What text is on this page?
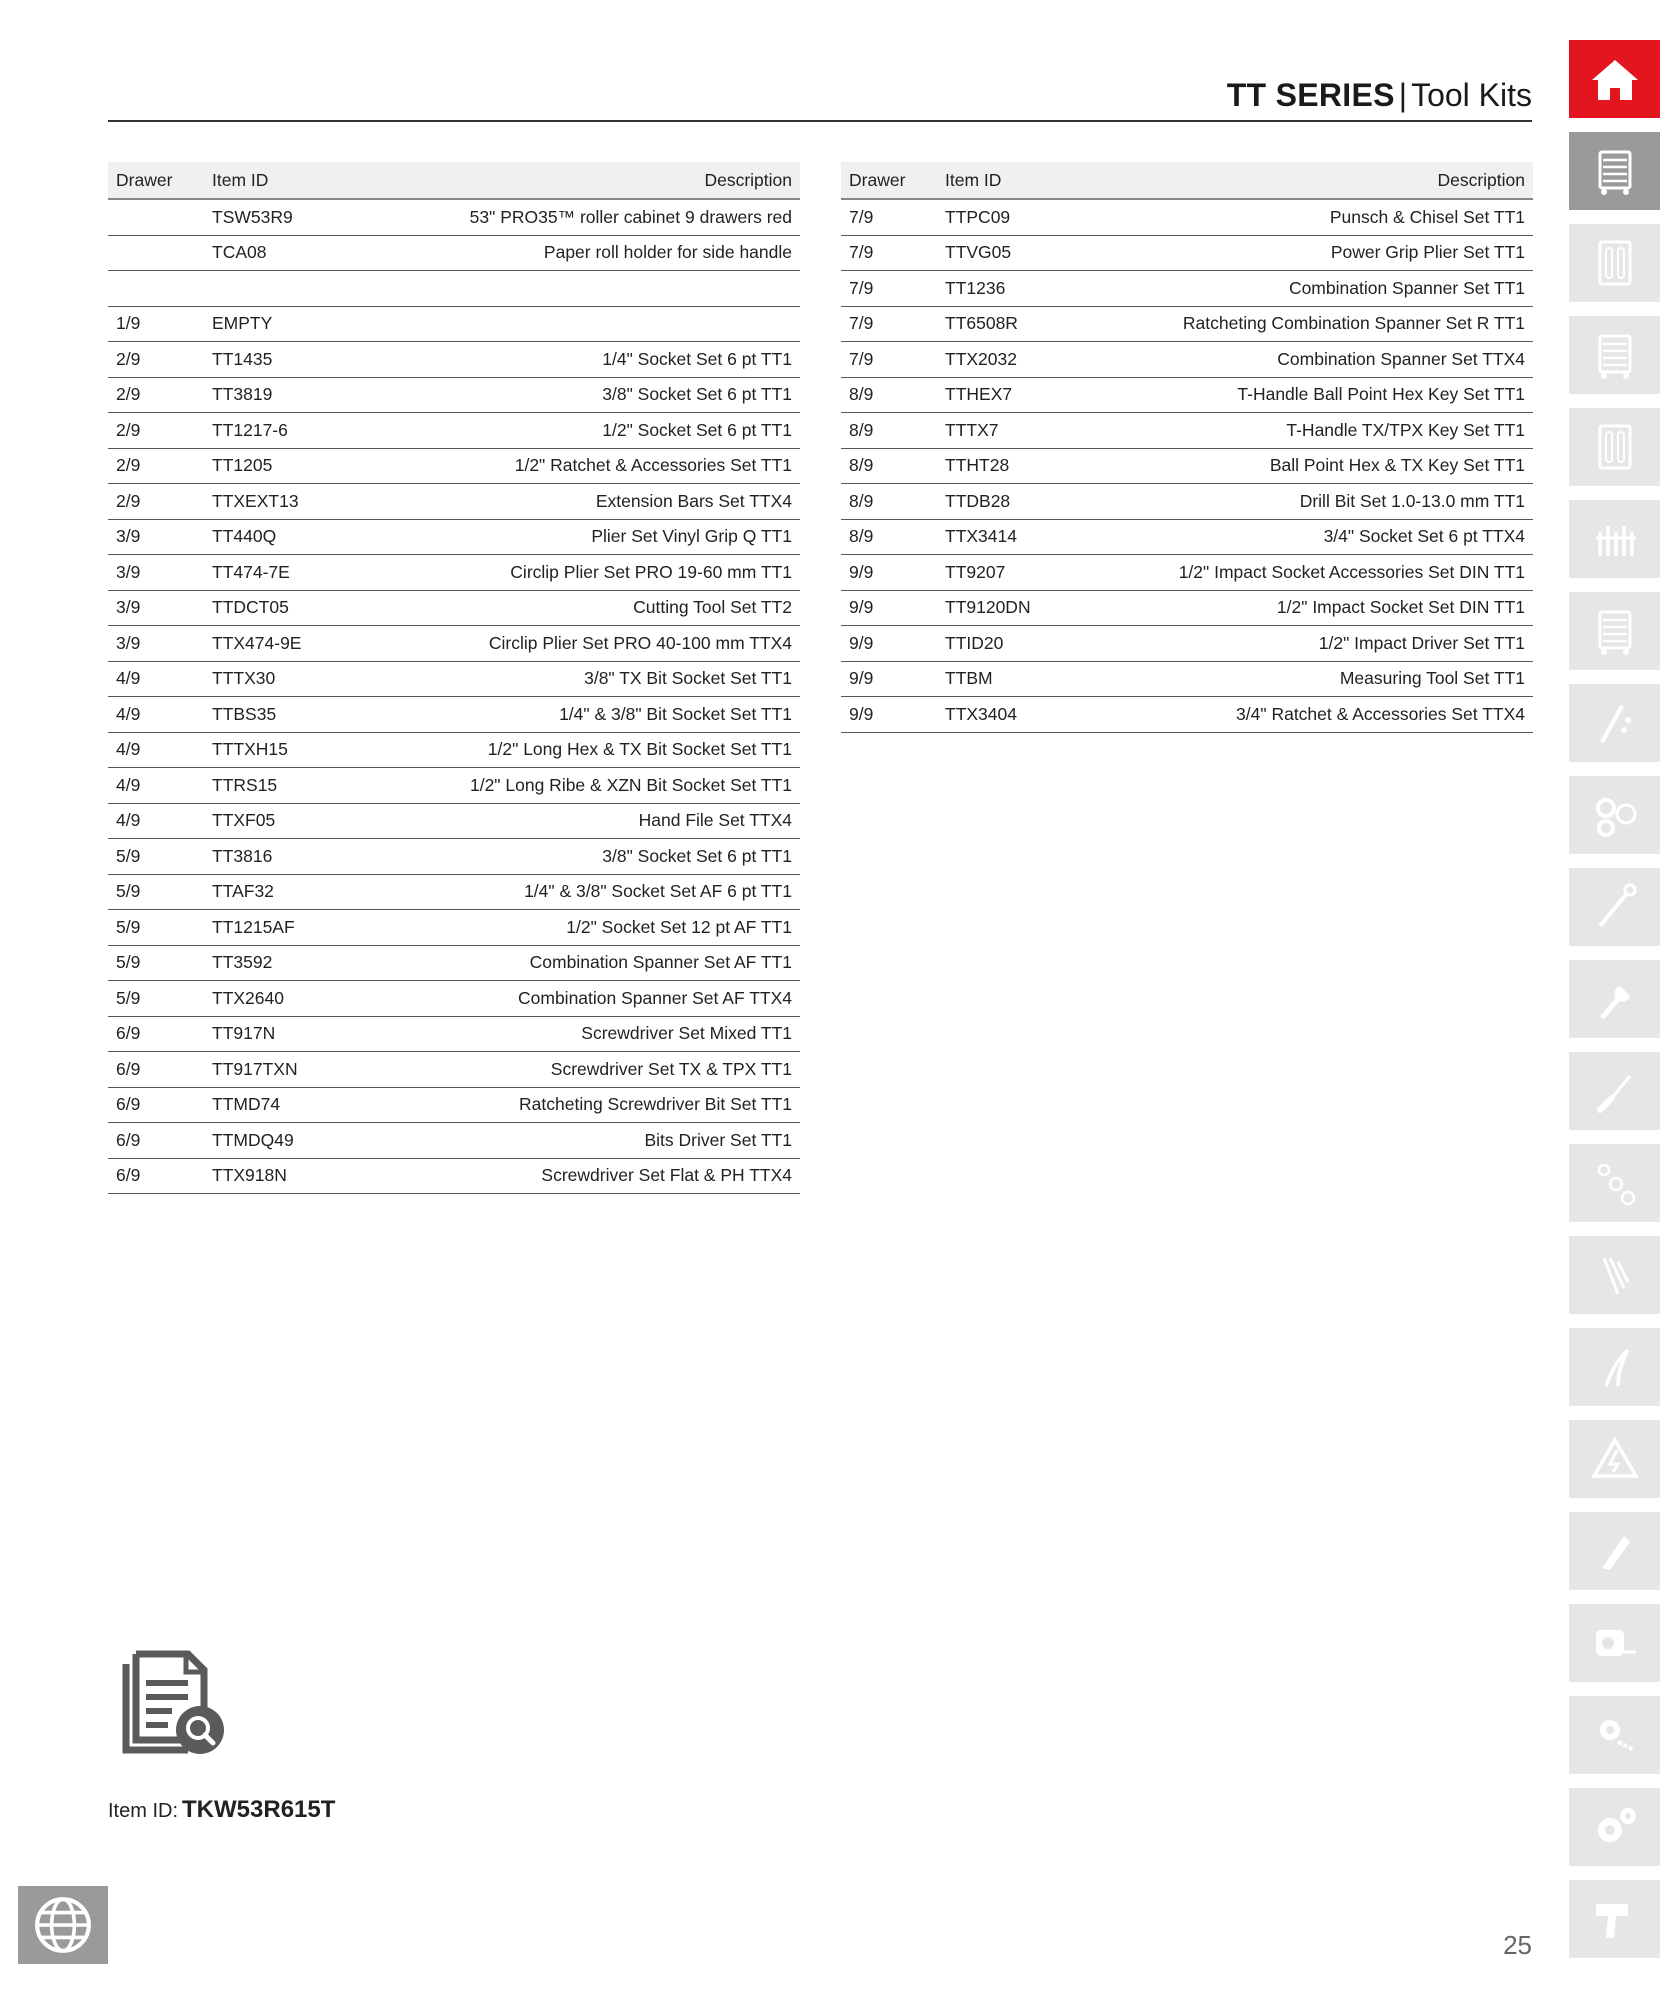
TT SERIES | Tool Kits
Drawer	Item ID	Description
	TSW53R9	53" PRO35™ roller cabinet 9 drawers red
	TCA08	Paper roll holder for side handle

1/9	EMPTY	
2/9	TT1435	1/4" Socket Set 6 pt TT1
2/9	TT3819	3/8" Socket Set 6 pt TT1
2/9	TT1217-6	1/2" Socket Set 6 pt TT1
2/9	TT1205	1/2" Ratchet & Accessories Set TT1
2/9	TTXEXT13	Extension Bars Set TTX4
3/9	TT440Q	Plier Set Vinyl Grip Q TT1
3/9	TT474-7E	Circlip Plier Set PRO 19-60 mm TT1
3/9	TTDCT05	Cutting Tool Set TT2
3/9	TTX474-9E	Circlip Plier Set PRO 40-100 mm TTX4
4/9	TTTX30	3/8" TX Bit Socket Set TT1
4/9	TTBS35	1/4" & 3/8" Bit Socket Set TT1
4/9	TTTXH15	1/2" Long Hex & TX Bit Socket Set TT1
4/9	TTRS15	1/2" Long Ribe & XZN Bit Socket Set TT1
4/9	TTXF05	Hand File Set TTX4
5/9	TT3816	3/8" Socket Set 6 pt TT1
5/9	TTAF32	1/4" & 3/8" Socket Set AF 6 pt TT1
5/9	TT1215AF	1/2" Socket Set 12 pt AF TT1
5/9	TT3592	Combination Spanner Set AF TT1
5/9	TTX2640	Combination Spanner Set AF TTX4
6/9	TT917N	Screwdriver Set Mixed TT1
6/9	TT917TXN	Screwdriver Set TX & TPX TT1
6/9	TTMD74	Ratcheting Screwdriver Bit Set TT1
6/9	TTMDQ49	Bits Driver Set TT1
6/9	TTX918N	Screwdriver Set Flat & PH TTX4
Drawer	Item ID	Description
7/9	TTPC09	Punsch & Chisel Set TT1
7/9	TTVG05	Power Grip Plier Set TT1
7/9	TT1236	Combination Spanner Set TT1
7/9	TT6508R	Ratcheting Combination Spanner Set R TT1
7/9	TTX2032	Combination Spanner Set TTX4
8/9	TTHEX7	T-Handle Ball Point Hex Key Set TT1
8/9	TTTX7	T-Handle TX/TPX Key Set TT1
8/9	TTHT28	Ball Point Hex & TX Key Set TT1
8/9	TTDB28	Drill Bit Set 1.0-13.0 mm TT1
8/9	TTX3414	3/4" Socket Set 6 pt TTX4
9/9	TT9207	1/2" Impact Socket Accessories Set DIN TT1
9/9	TT9120DN	1/2" Impact Socket Set DIN TT1
9/9	TTID20	1/2" Impact Driver Set TT1
9/9	TTBM	Measuring Tool Set TT1
9/9	TTX3404	3/4" Ratchet & Accessories Set TTX4
Item ID: TKW53R615T
25
